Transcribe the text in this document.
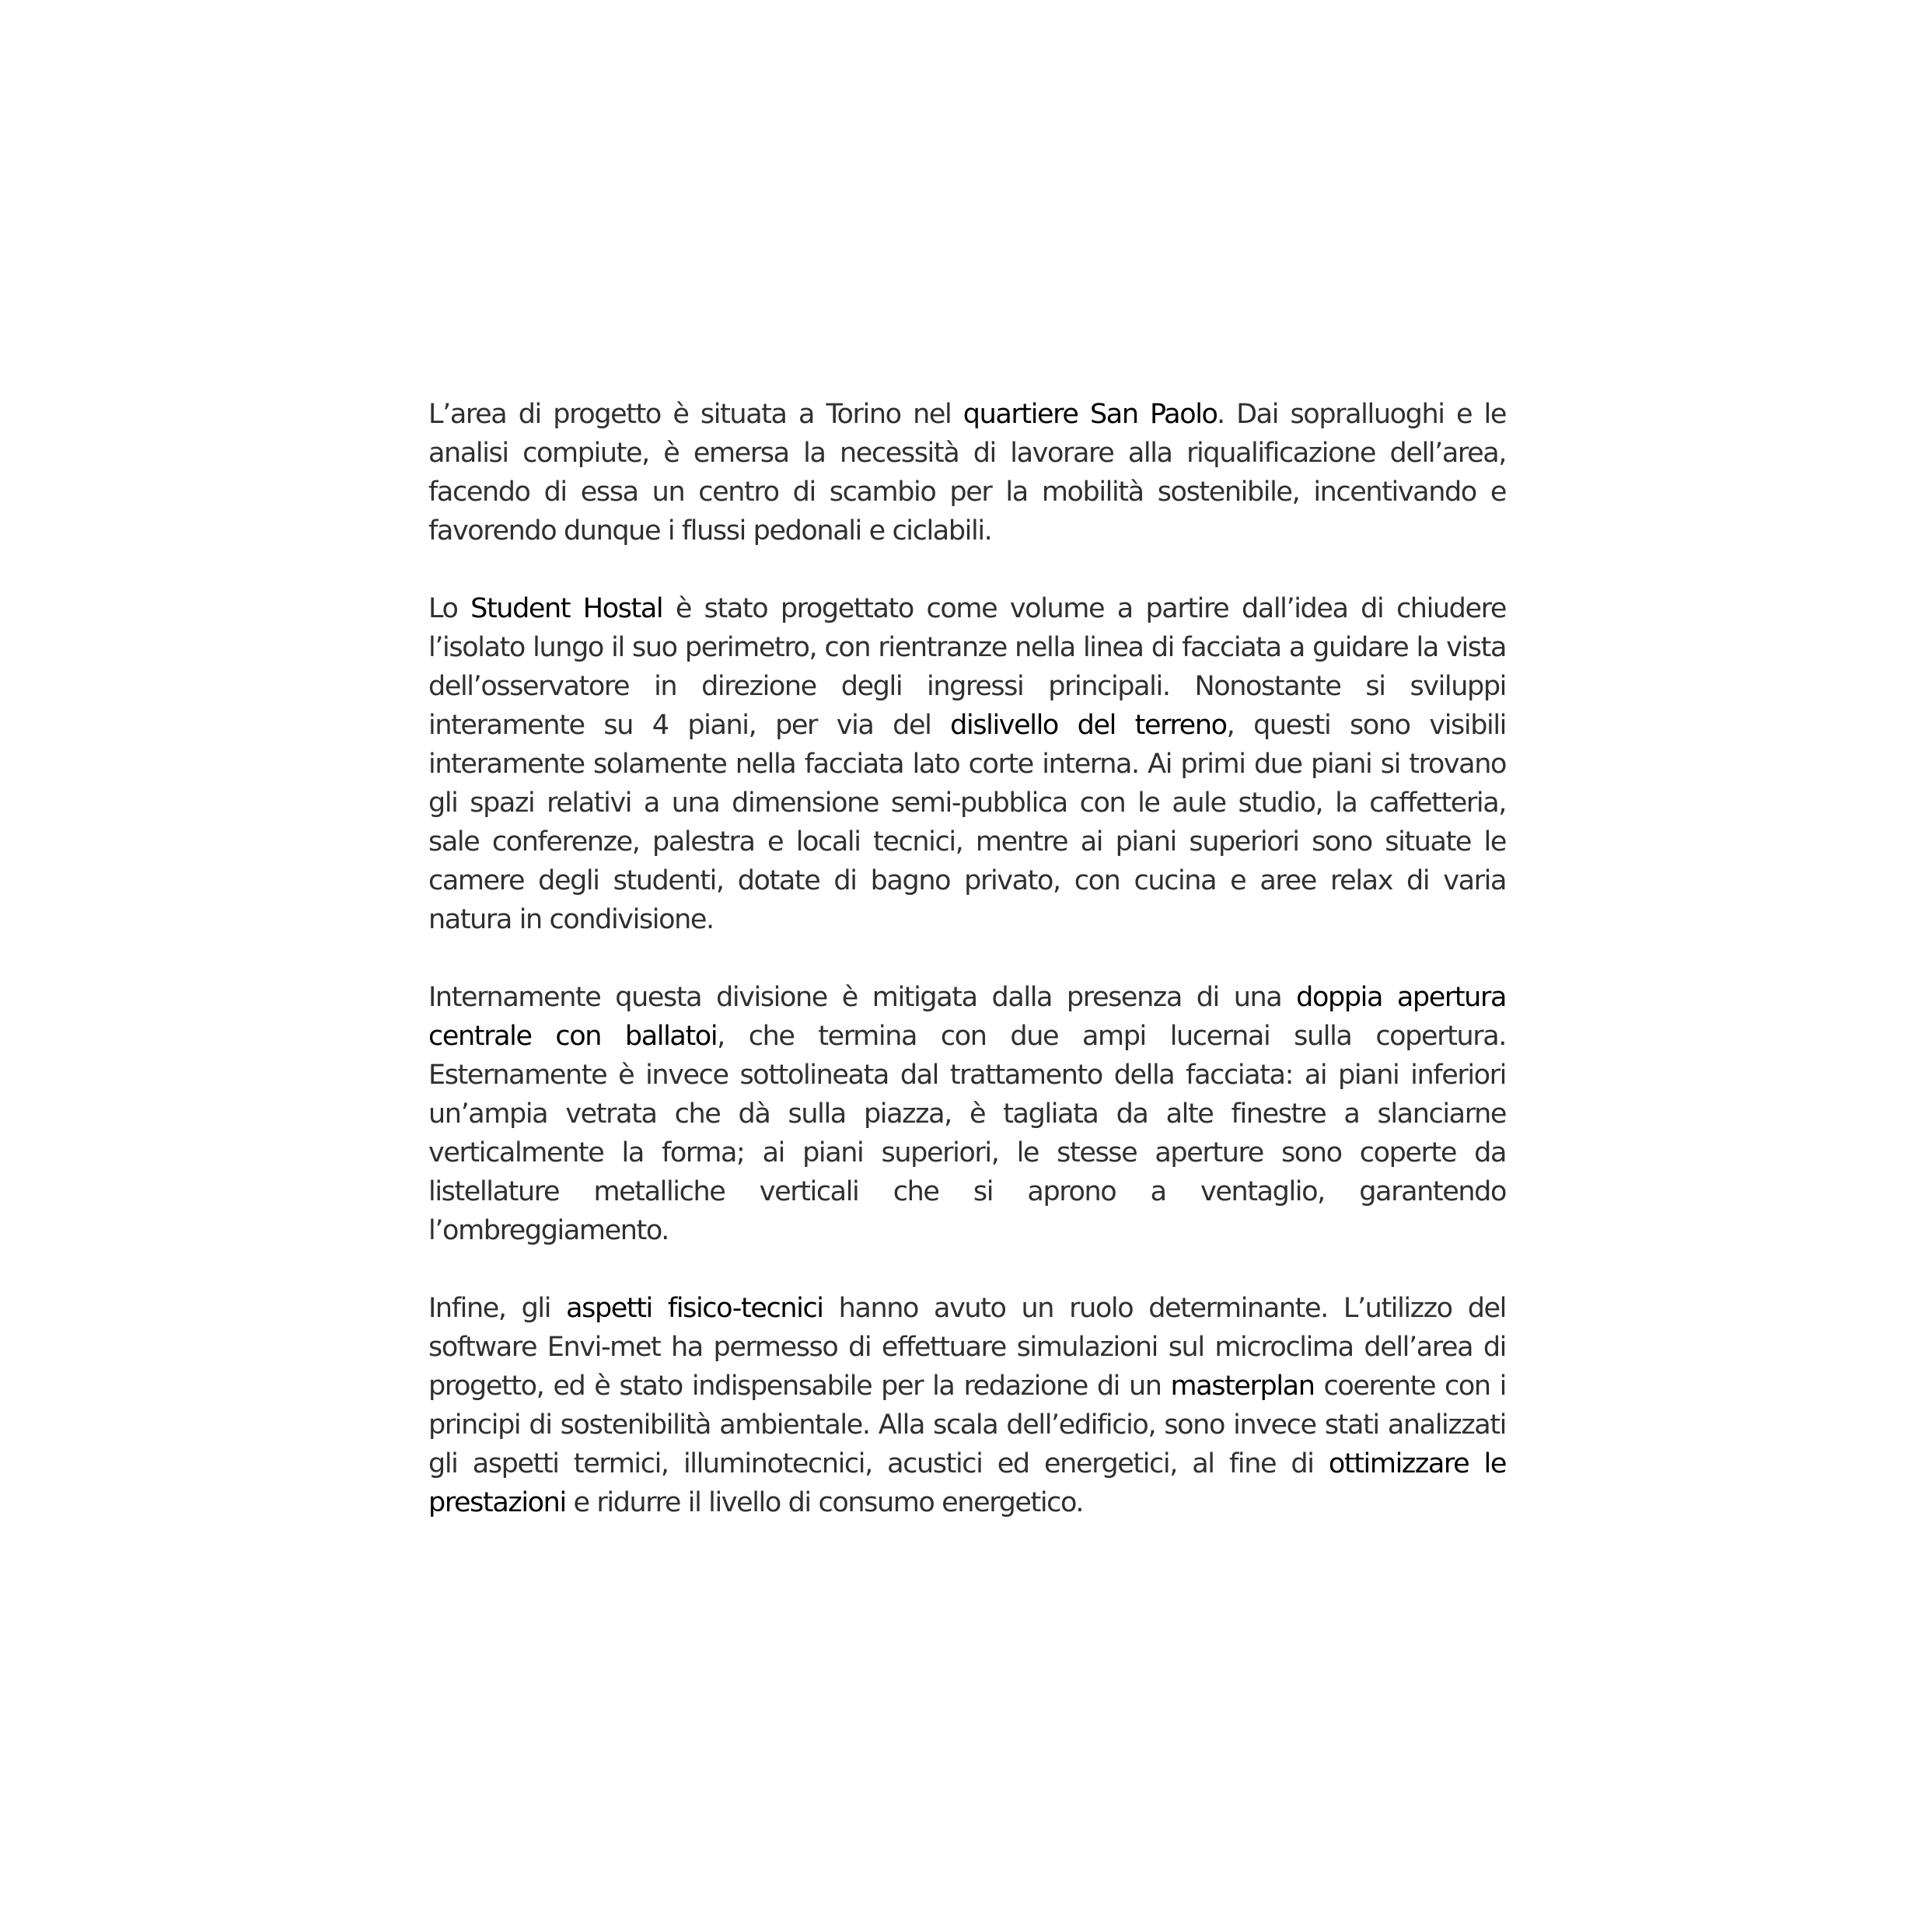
L’area di progetto è situata a Torino nel quartiere San Paolo. Dai sopralluoghi e le analisi compiute, è emersa la necessità di lavorare alla riqualificazione dell’area, facendo di essa un centro di scambio per la mobilità sostenibile, incentivando e favorendo dunque i flussi pedonali e ciclabili.

Lo Student Hostal è stato progettato come volume a partire dall’idea di chiudere l’isolato lungo il suo perimetro, con rientranze nella linea di facciata a guidare la vista dell’osservatore in direzione degli ingressi principali. Nonostante si sviluppi interamente su 4 piani, per via del dislivello del terreno, questi sono visibili interamente solamente nella facciata lato corte interna. Ai primi due piani si trovano gli spazi relativi a una dimensione semi-pubblica con le aule studio, la caffetteria, sale conferenze, palestra e locali tecnici, mentre ai piani superiori sono situate le camere degli studenti, dotate di bagno privato, con cucina e aree relax di varia natura in condivisione.

Internamente questa divisione è mitigata dalla presenza di una doppia apertura centrale con ballatoi, che termina con due ampi lucernai sulla copertura. Esternamente è invece sottolineata dal trattamento della facciata: ai piani inferiori un’ampia vetrata che dà sulla piazza, è tagliata da alte finestre a slanciarne verticalmente la forma; ai piani superiori, le stesse aperture sono coperte da listellature metalliche verticali che si aprono a ventaglio, garantendo l’ombreggiamento.

Infine, gli aspetti fisico-tecnici hanno avuto un ruolo determinante. L’utilizzo del software Envi-met ha permesso di effettuare simulazioni sul microclima dell’area di progetto, ed è stato indispensabile per la redazione di un masterplan coerente con i principi di sostenibilità ambientale. Alla scala dell’edificio, sono invece stati analizzati gli aspetti termici, illuminotecnici, acustici ed energetici, al fine di ottimizzare le prestazioni e ridurre il livello di consumo energetico.
